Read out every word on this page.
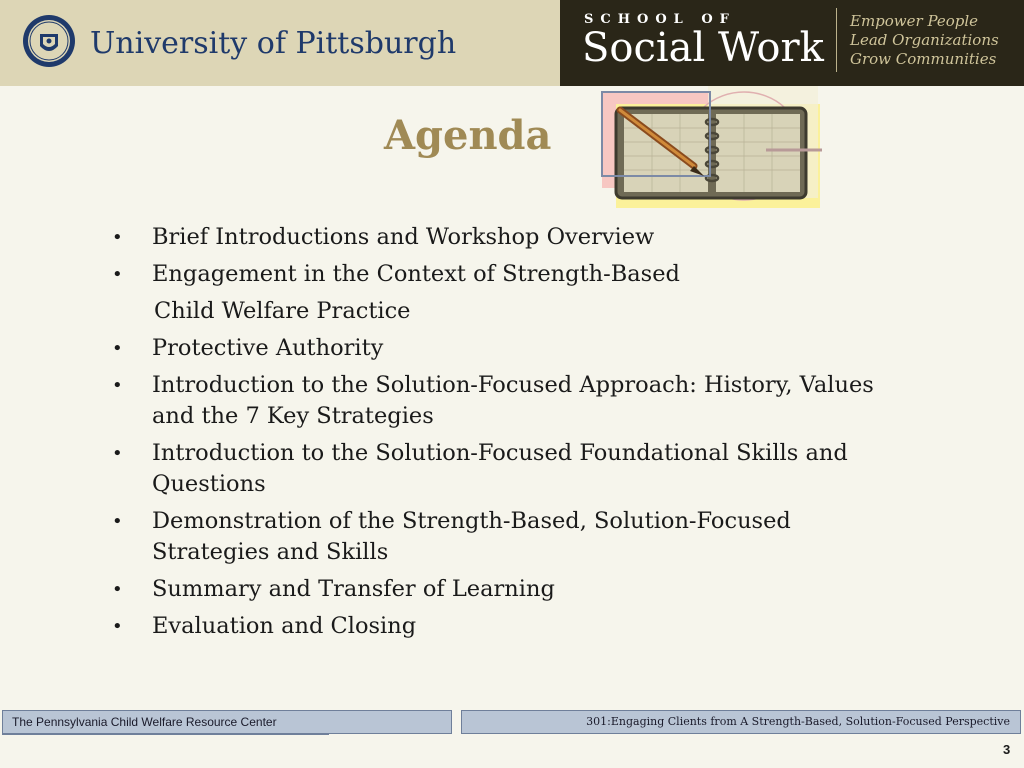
University of Pittsburgh
SCHOOL OF
Social Work
Empower People
Lead Organizations
Grow Communities
Agenda
•	Brief Introductions and Workshop Overview
•	Engagement in the Context of Strength-Based
Child Welfare Practice
•	Protective Authority
•	Introduction to the Solution-Focused Approach: History, Values and the 7 Key Strategies
•	Introduction to the Solution-Focused Foundational Skills and Questions
•	Demonstration of the Strength-Based, Solution-Focused Strategies and Skills
•	Summary and Transfer of Learning
•	Evaluation and Closing
The Pennsylvania Child Welfare Resource Center	301:Engaging Clients from A Strength-Based, Solution-Focused Perspective
3
